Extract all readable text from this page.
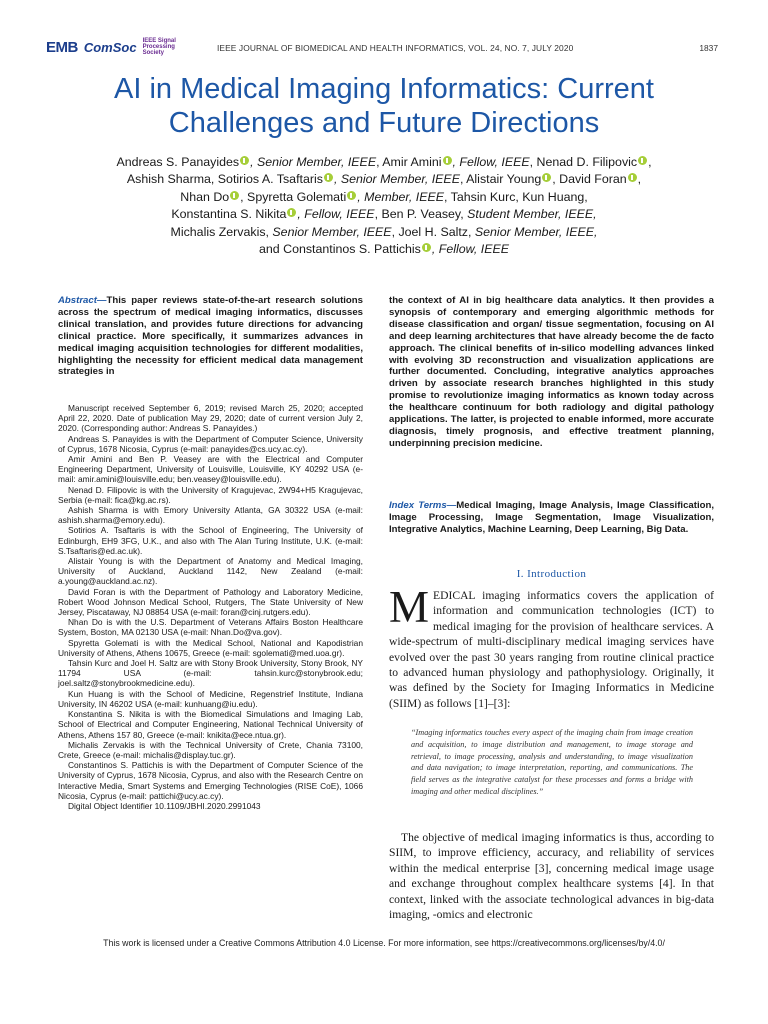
EMB ComSoc IEEE Signal Processing Society	IEEE JOURNAL OF BIOMEDICAL AND HEALTH INFORMATICS, VOL. 24, NO. 7, JULY 2020	1837
AI in Medical Imaging Informatics: Current Challenges and Future Directions
Andreas S. Panayides , Senior Member, IEEE, Amir Amini , Fellow, IEEE, Nenad D. Filipovic ,
Ashish Sharma, Sotirios A. Tsaftaris , Senior Member, IEEE, Alistair Young , David Foran ,
Nhan Do , Spyretta Golemati , Member, IEEE, Tahsin Kurc, Kun Huang,
Konstantina S. Nikita , Fellow, IEEE, Ben P. Veasey, Student Member, IEEE,
Michalis Zervakis, Senior Member, IEEE, Joel H. Saltz, Senior Member, IEEE,
and Constantinos S. Pattichis , Fellow, IEEE
Abstract—This paper reviews state-of-the-art research solutions across the spectrum of medical imaging informatics, discusses clinical translation, and provides future directions for advancing clinical practice. More specifically, it summarizes advances in medical imaging acquisition technologies for different modalities, highlighting the necessity for efficient medical data management strategies in
the context of AI in big healthcare data analytics. It then provides a synopsis of contemporary and emerging algorithmic methods for disease classification and organ/ tissue segmentation, focusing on AI and deep learning architectures that have already become the de facto approach. The clinical benefits of in-silico modelling advances linked with evolving 3D reconstruction and visualization applications are further documented. Concluding, integrative analytics approaches driven by associate research branches highlighted in this study promise to revolutionize imaging informatics as known today across the healthcare continuum for both radiology and digital pathology applications. The latter, is projected to enable informed, more accurate diagnosis, timely prognosis, and effective treatment planning, underpinning precision medicine.
Index Terms—Medical Imaging, Image Analysis, Image Classification, Image Processing, Image Segmentation, Image Visualization, Integrative Analytics, Machine Learning, Deep Learning, Big Data.

Manuscript received September 6, 2019; revised March 25, 2020; accepted April 22, 2020. Date of publication May 29, 2020; date of current version July 2, 2020. (Corresponding author: Andreas S. Panayides.)

Andreas S. Panayides is with the Department of Computer Science, University of Cyprus, 1678 Nicosia, Cyprus (e-mail: panayides@cs.ucy.ac.cy).

Amir Amini and Ben P. Veasey are with the Electrical and Computer Engineering Department, University of Louisville, Louisville, KY 40292 USA (e-mail: amir.amini@louisville.edu; ben.veasey@louisville.edu).

Nenad D. Filipovic is with the University of Kragujevac, 2W94+H5 Kragujevac, Serbia (e-mail: fica@kg.ac.rs).

Ashish Sharma is with Emory University Atlanta, GA 30322 USA (e-mail: ashish.sharma@emory.edu).

Sotirios A. Tsaftaris is with the School of Engineering, The University of Edinburgh, EH9 3FG, U.K., and also with The Alan Turing Institute, U.K. (e-mail: S.Tsaftaris@ed.ac.uk).

Alistair Young is with the Department of Anatomy and Medical Imaging, University of Auckland, Auckland 1142, New Zealand (e-mail: a.young@auckland.ac.nz).

David Foran is with the Department of Pathology and Laboratory Medicine, Robert Wood Johnson Medical School, Rutgers, The State University of New Jersey, Piscataway, NJ 08854 USA (e-mail: foran@cinj.rutgers.edu).

Nhan Do is with the U.S. Department of Veterans Affairs Boston Healthcare System, Boston, MA 02130 USA (e-mail: Nhan.Do@va.gov).

Spyretta Golemati is with the Medical School, National and Kapodistrian University of Athens, Athens 10675, Greece (e-mail: sgolemati@med.uoa.gr).

Tahsin Kurc and Joel H. Saltz are with Stony Brook University, Stony Brook, NY 11794 USA (e-mail: tahsin.kurc@stonybrook.edu; joel.saltz@stonybrookmedicine.edu).

Kun Huang is with the School of Medicine, Regenstrief Institute, Indiana University, IN 46202 USA (e-mail: kunhuang@iu.edu).

Konstantina S. Nikita is with the Biomedical Simulations and Imaging Lab, School of Electrical and Computer Engineering, National Technical University of Athens, Athens 157 80, Greece (e-mail: knikita@ece.ntua.gr).

Michalis Zervakis is with the Technical University of Crete, Chania 73100, Crete, Greece (e-mail: michalis@display.tuc.gr).

Constantinos S. Pattichis is with the Department of Computer Science of the University of Cyprus, 1678 Nicosia, Cyprus, and also with the Research Centre on Interactive Media, Smart Systems and Emerging Technologies (RISE CoE), 1066 Nicosia, Cyprus (e-mail: pattichi@ucy.ac.cy).

Digital Object Identifier 10.1109/JBHI.2020.2991043

I. Introduction
MEDICAL imaging informatics covers the application of information and communication technologies (ICT) to medical imaging for the provision of healthcare services. A wide-spectrum of multi-disciplinary medical imaging services have evolved over the past 30 years ranging from routine clinical practice to advanced human physiology and pathophysiology. Originally, it was defined by the Society for Imaging Informatics in Medicine (SIIM) as follows [1]–[3]:
“Imaging informatics touches every aspect of the imaging chain from image creation and acquisition, to image distribution and management, to image storage and retrieval, to image processing, analysis and understanding, to image visualization and data navigation; to image interpretation, reporting, and communications. The field serves as the integrative catalyst for these processes and forms a bridge with imaging and other medical disciplines.”

The objective of medical imaging informatics is thus, according to SIIM, to improve efficiency, accuracy, and reliability of services within the medical enterprise [3], concerning medical image usage and exchange throughout complex healthcare systems [4]. In that context, linked with the associate technological advances in big-data imaging, -omics and electronic

This work is licensed under a Creative Commons Attribution 4.0 License. For more information, see https://creativecommons.org/licenses/by/4.0/
